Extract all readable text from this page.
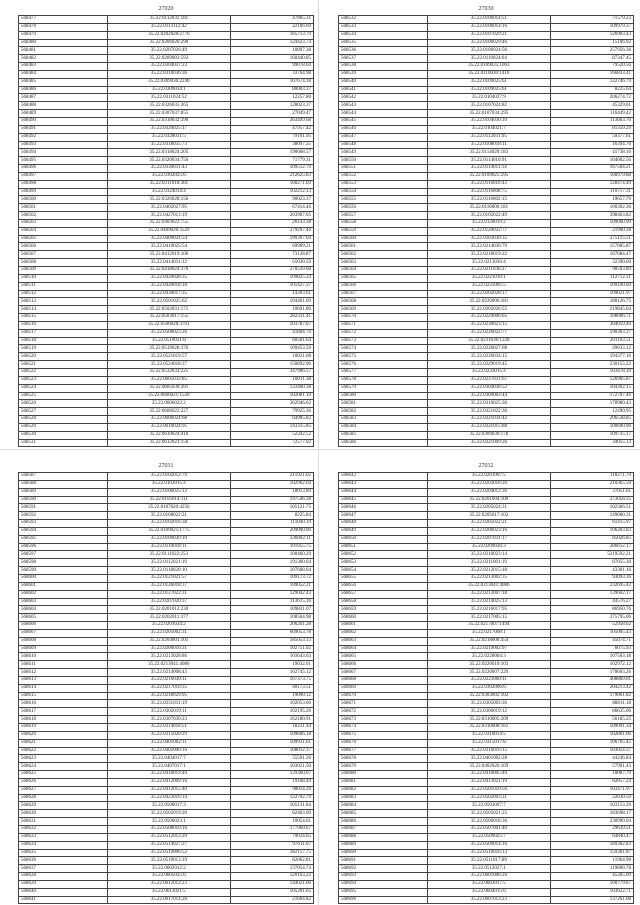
27020
568477	35.22.0112032 181	47865.31
568478	35.22.0113112:42	22106.69
568479	35.22.0202028:2776	185713.79
568480	35.22.0206026:290	124423.74
568481	35.22.0207026:49	10897.38
568482	35.22.0209003:593	160440.85
568483	35.22.0304037:23	99078.04
568484	35.22.0310036:36	33764.98
568485	35.22.0309036:2240	107674.18
568486	35.22.0309034:1	80003.37
568487	35.22.0311024:52	12257.80
568488	35.22.0326035:365	128023.37
568489	35.22.0307037:855	27049.47
568490	35.22.0318032:390	263499.68
568491	35.22.0320025:17	47957.42
568492	35.22.0328031:5	79101.95
568493	35.22.0318035:73	38097.35
568494	35.22.0318024:205	190068.57
568495	35.22.0320034:756	71779.31
568496	35.22.0330031:43	109512.79
568497	35.22.0302025:6	212625.83
568498	35.22.0311018:301	100271.69
568499	35.22.0324014:4	102212.13
568500	35.22.0326028:156	90023.37
568501	35.22.0402027:95	67414.46
568502	35.22.0427013:19	203907.05
568503	35.22.0403022:755	26143.38
568504	35.22.0409026:3529	279297.46
568505	35.22.0409024:54	199397.04
568506	35.22.0410025:54	69909.21
568507	35.22.0412019:106	73128.87
568508	35.22.0414031:12	65030.59
568509	35.22.0418024:370	270539.68
568510	35.22.0420028:35	109825.24
568511	35.22.0420018:18	101427.37
568512	35.22.0430017:35	14303.61
568513	35.22.0501025:62	104401.69
568514	35.22.0502031:171	10691.80
568515	35.22.0503017:155	282331.41
568516	35.22.0506028:3701	103787.67
568517	35.22.0508023:26	41804.70
568518	35.22.0510031:8	60501.64
568519	35.22.0519028:376	109453.59
568520	35.22.0521019:57	10031.68
568521	35.22.0524018:37	150892.96
568522	35.22.0532033:225	347906.57
568523	35.22.0605032:85	10011.38
568524	35.22.0605030:391	133400.38
568525	35.22.0606021:1520	102081.19
568526	35.22.0606022:2	362946.62
568527	35.22.0606022:227	79925.36
568528	35.22.0606024:68	64905.82
568529	35.22.0610024:95	143315.85
568530	35.22.0610024:410	52342.52
568531	35.22.0612023:156	72577.02
27030
568532	35.22.0106014:51	71579.23
568533	35.22.0106014:16	109979.37
568534	35.22.0107029:21	126903.43
568535	35.22.0106029:46	15106.92
568536	35.22.0106024:56	257956.36
568537	35.22.0110024:64	87347.45
568538	35.22.0109035:1063	79520.56
568539	35.22.0110030:1410	166833.41
568540	35.22.0109025:61	122746.79
568541	35.22.0109025:61	8225.64
568542	35.22.0104027:9	206274.72
568543	35.22.0107024:82	45329.61
568544	35.22.0107034:295	116449.42
568545	35.22.0104030:10	113603.70
568546	35.22.0104021:7	81359.29
568547	35.22.0112031:95	59377.61
568548	35.22.0108018:11	16394.76
568549	35.22.0114020:183	41738.16
568550	35.22.0114010:91	104002.56
568551	35.22.0114011:14	167504.21
568552	35.22.0109025:295	100979.88
568553	35.22.0116010:43	128474.49
568554	35.22.0116008:75	110717.31
568555	35.22.0116002:15	19657.79
568556	35.22.0116006:181	100302.36
568557	35.22.0102022:49	398463.82
568558	35.22.0120019:2	109000.90
568559	35.22.0120022:77	21990.38
568560	35.22.0203030:35	275115.51
568561	35.22.0214036:79	157005.87
568562	35.22.0218019:22	167684.47
568563	35.22.0213036:4	32390.60
568564	35.22.0211036:27	98593.89
568565	35.22.0221010:1	112712.31
568566	35.22.0225005:5	109100.69
568567	35.22.0202028:17	109021.97
568568	35.22.0226006:181	188126.75
568569	35.22.0202026:55	219845.04
568570	35.22.0229006:65	108006.71
568571	35.22.0230023:15	304059.40
568572	35.22.0226022:77	190303.27
568573	35.22.0231036:1228	201103.51
568574	35.22.0226027:68	49633.12
568575	35.22.0226034:15	194377.16
568576	35.22.0229019:45	230155.22
568577	35.22.0233015:4	103478.39
568578	35.22.0237031:67	126905.87
568579	35.22.0304038:52	104302.15
568580	35.22.0309003:44	172707.46
568581	35.22.0310025:36	178980.43
568582	35.22.0321022:36	12490.95
568583	35.22.0321034:42	206538.85
568584	35.22.0321015:88	100690.96
568585	35.22.0309030:178	109735.17
568586	35.22.0321009:26	34055.13
27031
568587	35.22.0102012:79	211921.02
568588	35.22.0103015:4	102962.04
568589	35.22.0106025:12	18013.89
568590	35.22.0105014:111	197546.38
568591	35.22.0107020:4256	105121.75
568592	35.22.0108022:21	8225.84
568593	35.22.0102016:38	111040.19
568594	35.22.0109025:1775	209090.00
568595	35.22.0109020:10	336002.11
568596	35.22.0110018:11	101955.75
568597	35.22.0111022:253	100460.29
568598	35.22.0112021:19	191360.04
568599	35.22.0118020:10	187608.04
568600	35.22.0121021:57	109173.72
568601	35.22.0126018:37	109052.21
568602	35.22.0127022:31	129042.43
568603	35.22.0207020:37	113615.16
568604	35.22.0201012:230	109831.07
568605	35.22.0202011:377	108564.98
568606	35.22.0201034:2	206201.28
568607	35.22.0205002:31	669053.78
568608	35.22.0204001:101	185053.13
568609	35.22.0206016:31	102751.02
568610	35.22.0213028:86	103643.03
568611	35.22.0213041:4086	19032.61
568612	35.22.0214008:43	162745.12
568613	35.22.0216030:11	107373.75
568614	35.22.0217010:35	40173.51
568615	35.22.0218029:95	19090.12
568616	35.22.0231031:19	102053.66
568617	35.22.0302019:11	102195.26
568618	35.22.0307030:23	162180.91
568619	35.22.0314018:51	18231.44
568620	35.22.0315020:29	109606.18
568621	35.22.0401002:11	109931.61
568622	35.22.0402000:16	108012.37
568623	35.22.0404017:7	55591.26
568624	35.22.0407017:1	103021.50
568625	35.22.0410019:49	129360.07
568626	35.22.0412009:16	19108.49
568627	35.22.0412015:40	98014.29
568628	35.22.0423016:14	122702.79
568629	35.22.0508017:3	105131.84
568630	35.22.0502019:20	62403.09
568631	35.22.0506023:1	10054.61
568632	35.22.0508010:16	177960.67
568633	35.22.0512013:29	79034.65
568634	35.22.0514027:27	97611.07
568635	35.22.0519006:52	182157.75
568636	35.22.0519013:19	82062.81
568637	35.22.0602012:2	137054.74
568638	35.22.0605025:6	120163.22
568639	35.22.0612012:23	144021.06
568640	35.22.0613021:5	105201.65
568641	35.22.0617014:20	21604.82
27032
568642	35.22.0201007:5	118271.79
568643	35.22.0203018:20	210365.59
568644	35.22.0204012:36	37051.61
568645	35.22.0201004:109	273056.35
568646	35.22.0205024:31	102366.51
568647	35.22.0205017:102	149000.31
568648	35.22.0205022:21	61415.97
568649	35.22.0206023:16	106203.83
568650	35.22.0207031:17	85026.85
568651	35.22.0209026:3	286612.17
568652	35.22.0210023:14	5219592.21
568653	35.22.0211001:19	87055.30
568654	35.22.0212015:18	43301.16
568655	35.22.0213002:35	93093.36
568656	35.22.0213041:4086	232695.42
568657	35.22.0213007:18	139602.17
568658	35.22.0214025:13	44576.27
568659	35.22.0216017:95	86950.76
568660	35.22.0217005:15	375795.06
568661	35.22.0217007:1494	52958.62
568662	35.22.0217008:1	105005.43
568663	35.22.0218008:454	45074.71
568664	35.22.0219002:97	6075.93
568665	35.22.0220004:3	107503.18
568666	35.22.0220010:103	102972.12
568667	35.22.0220007:229	170603.26
568668	35.22.0221000:11	408869.01
568669	35.22.0302006:6	204213.42
568670	35.22.0303002:102	179061.82
568671	35.22.0305003:36	88811.18
568672	35.22.0306019:12	86635.06
568673	35.22.0310005:209	56185.25
568674	35.22.0310008:161	109091.34
568675	35.22.0310014:5	102801.06
568676	35.22.0315017:6	106765.45
568677	35.22.0316016:15	103054.37
568678	35.22.0401002:28	44246.84
568679	35.22.0402026:169	57991.43
568680	35.22.0410005:49	10087.79
568681	35.22.0413021:19	82857.24
568682	35.22.0501010:56	103471.97
568683	35.22.0502003:21	22030.59
568684	35.22.0503007:7	103153.29
568685	35.22.0505021:25	183698.17
568686	35.22.0506018:36	230990.04
568687	35.22.0507001:40	29639.51
568688	35.22.0509025:7	64840.47
568689	35.22.0509014:16	189302.83
568690	35.22.0510016:13	159381.87
568691	35.22.0511017:89	11964.98
568692	35.22.0512027:1	119800.78
568693	35.22.0601006:26	45305.09
568694	35.22.0603017:5	100779.87
568695	35.22.0604015:6	103622.71
568696	35.22.0607013:23	137261.08
